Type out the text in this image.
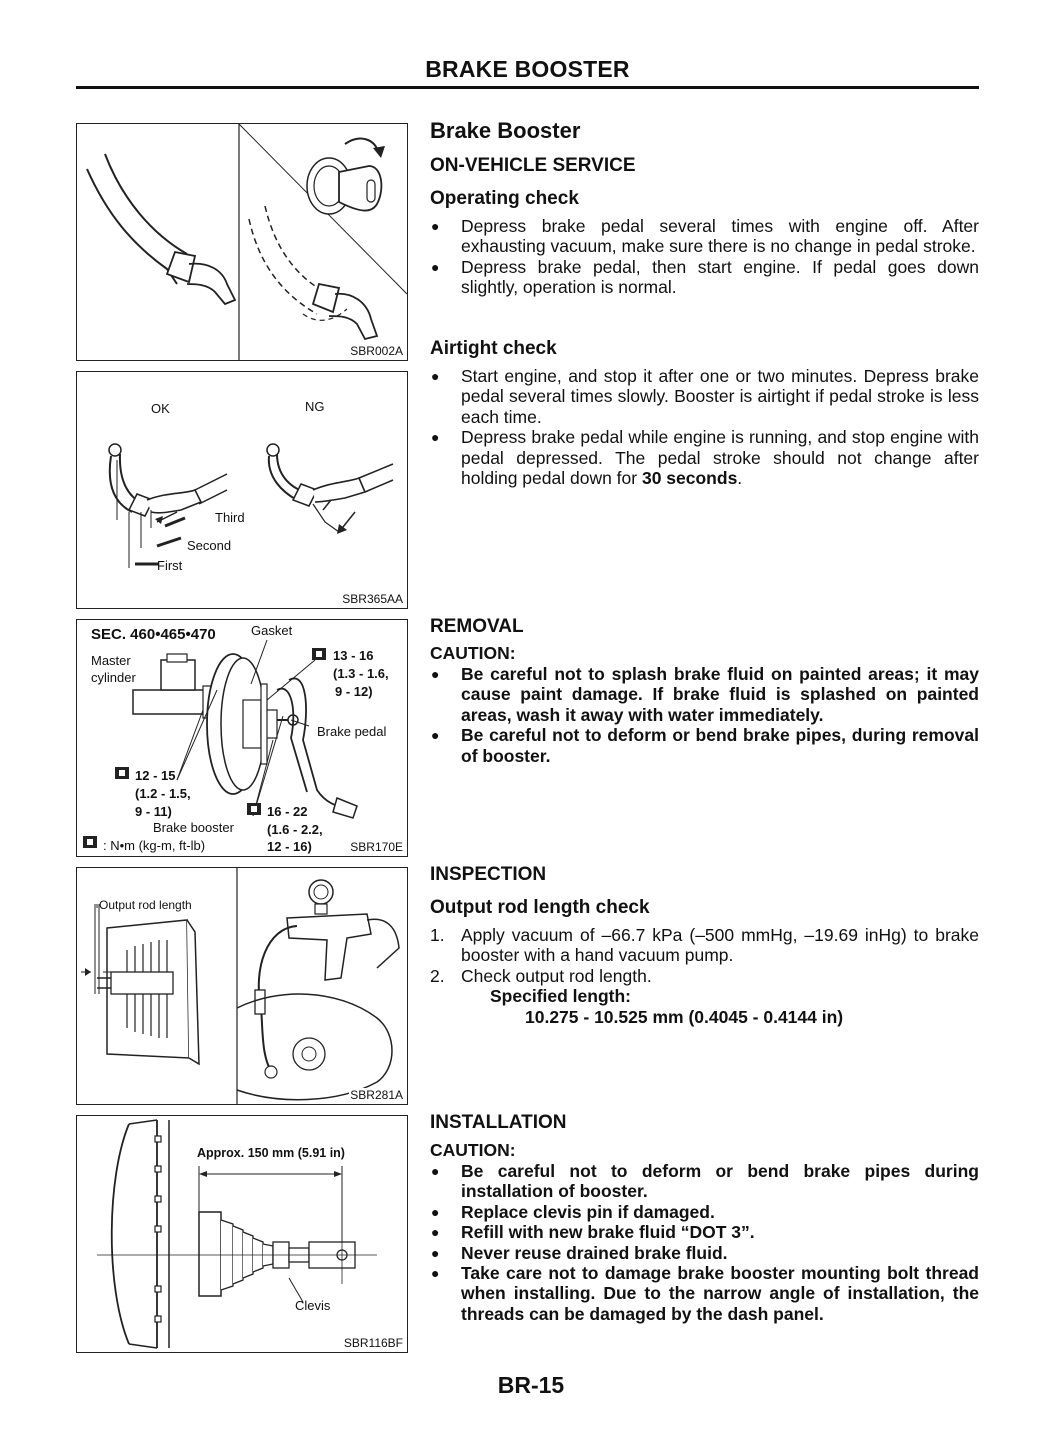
BRAKE BOOSTER
SBR002A
OK	NG
Third
Second
First
SBR365AA
SEC. 460•465•470	Gasket
Master
cylinder
13 - 16
(1.3 - 1.6,
9 - 12)
Brake pedal
12 - 15
(1.2 - 1.5,
9 - 11)	16 - 22
(1.6 - 2.2,
12 - 16)
Brake booster
: N•m (kg-m, ft-lb)	SBR170E
Output rod length
SBR281A
Approx. 150 mm (5.91 in)
Clevis
SBR116BF
Brake Booster
ON-VEHICLE SERVICE
Operating check
● Depress brake pedal several times with engine off. After exhausting vacuum, make sure there is no change in pedal stroke.
● Depress brake pedal, then start engine. If pedal goes down slightly, operation is normal.
Airtight check
● Start engine, and stop it after one or two minutes. Depress brake pedal several times slowly. Booster is airtight if pedal stroke is less each time.
● Depress brake pedal while engine is running, and stop engine with pedal depressed. The pedal stroke should not change after holding pedal down for 30 seconds.
REMOVAL
CAUTION:
● Be careful not to splash brake fluid on painted areas; it may cause paint damage. If brake fluid is splashed on painted areas, wash it away with water immediately.
● Be careful not to deform or bend brake pipes, during removal of booster.
INSPECTION
Output rod length check
1. Apply vacuum of –66.7 kPa (–500 mmHg, –19.69 inHg) to brake booster with a hand vacuum pump.
2. Check output rod length.
Specified length:
10.275 - 10.525 mm (0.4045 - 0.4144 in)
INSTALLATION
CAUTION:
● Be careful not to deform or bend brake pipes during installation of booster.
● Replace clevis pin if damaged.
● Refill with new brake fluid “DOT 3”.
● Never reuse drained brake fluid.
● Take care not to damage brake booster mounting bolt thread when installing. Due to the narrow angle of installation, the threads can be damaged by the dash panel.
BR-15
